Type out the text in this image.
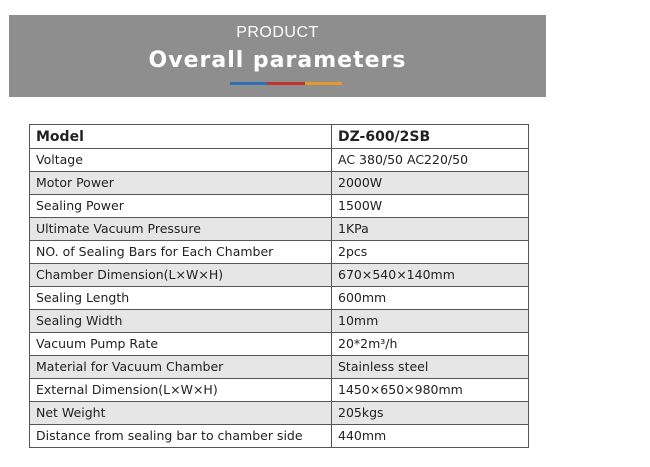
PRODUCT
Overall parameters
Model	DZ-600/2SB
Voltage	AC 380/50 AC220/50
Motor Power	2000W
Sealing Power	1500W
Ultimate Vacuum Pressure	1KPa
NO. of Sealing Bars for Each Chamber	2pcs
Chamber Dimension(L×W×H)	670×540×140mm
Sealing Length	600mm
Sealing Width	10mm
Vacuum Pump Rate	20*2m³/h
Material for Vacuum Chamber	Stainless steel
External Dimension(L×W×H)	1450×650×980mm
Net Weight	205kgs
Distance from sealing bar to chamber side	440mm
